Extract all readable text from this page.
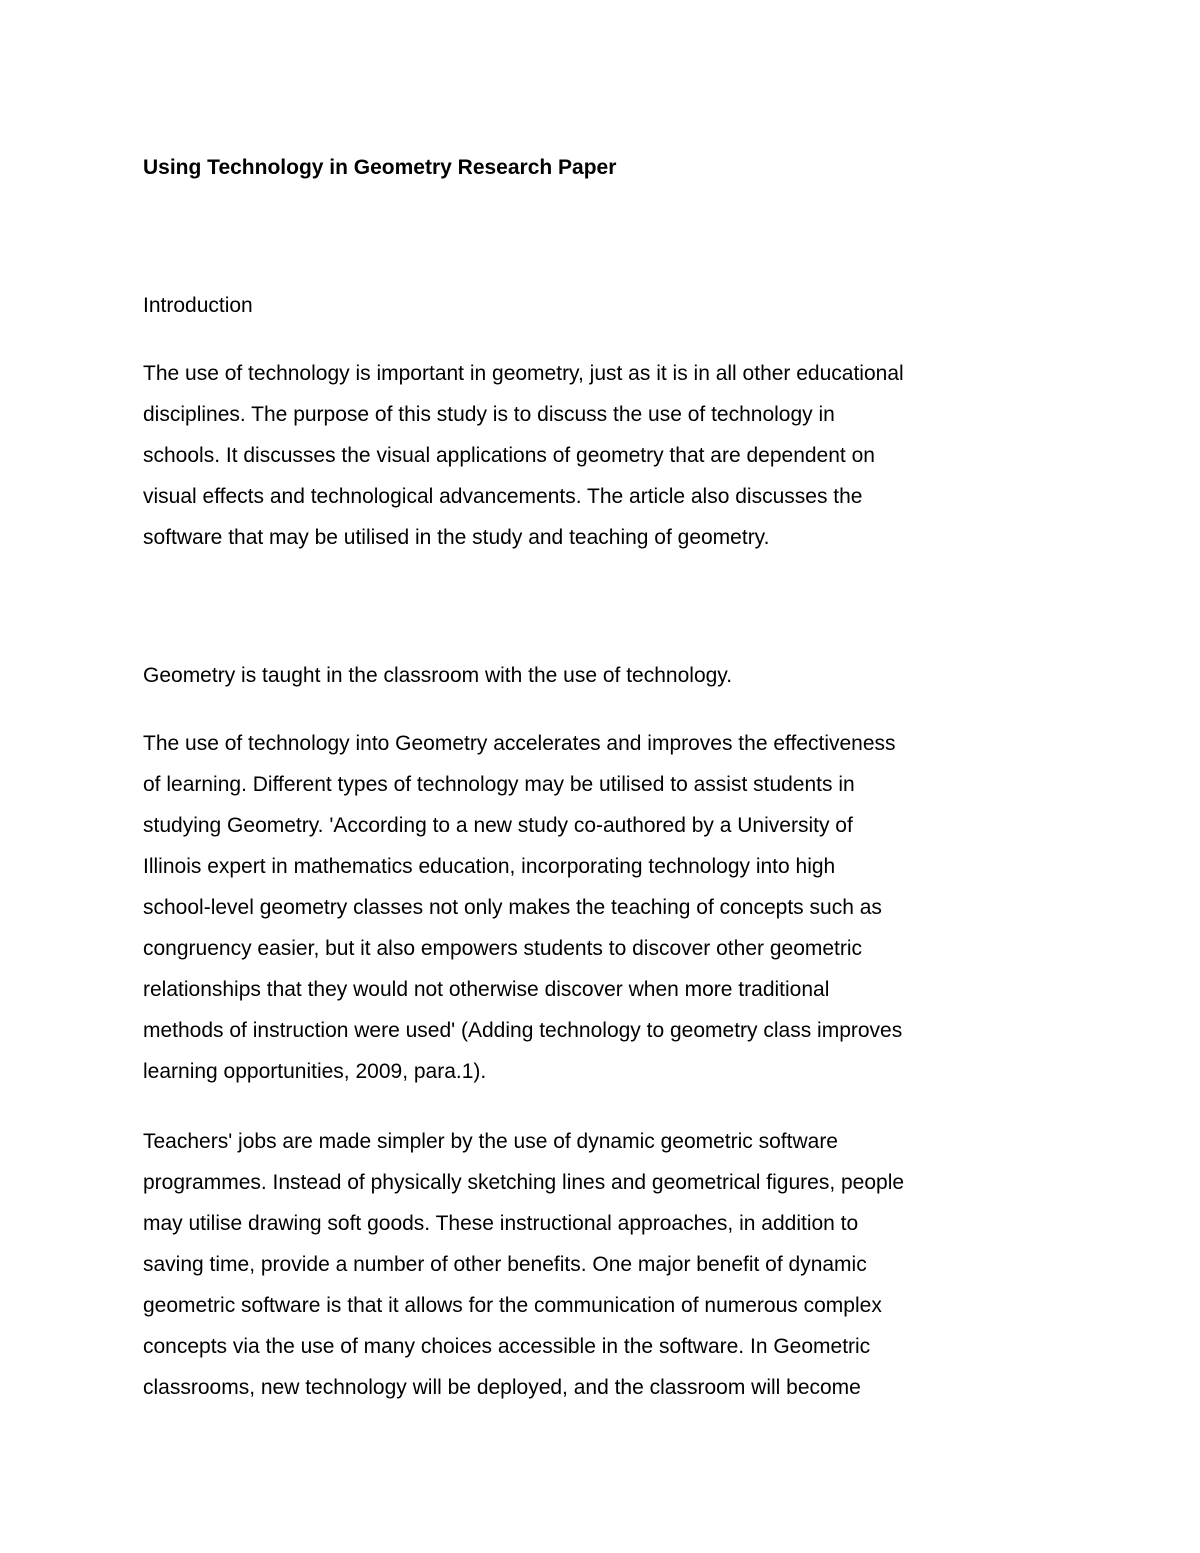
Using Technology in Geometry Research Paper
Introduction

The use of technology is important in geometry, just as it is in all other educational
disciplines. The purpose of this study is to discuss the use of technology in
schools. It discusses the visual applications of geometry that are dependent on
visual effects and technological advancements. The article also discusses the
software that may be utilised in the study and teaching of geometry.

Geometry is taught in the classroom with the use of technology.

The use of technology into Geometry accelerates and improves the effectiveness
of learning. Different types of technology may be utilised to assist students in
studying Geometry. 'According to a new study co-authored by a University of
Illinois expert in mathematics education, incorporating technology into high
school-level geometry classes not only makes the teaching of concepts such as
congruency easier, but it also empowers students to discover other geometric
relationships that they would not otherwise discover when more traditional
methods of instruction were used' (Adding technology to geometry class improves
learning opportunities, 2009, para.1).

Teachers' jobs are made simpler by the use of dynamic geometric software
programmes. Instead of physically sketching lines and geometrical figures, people
may utilise drawing soft goods. These instructional approaches, in addition to
saving time, provide a number of other benefits. One major benefit of dynamic
geometric software is that it allows for the communication of numerous complex
concepts via the use of many choices accessible in the software. In Geometric
classrooms, new technology will be deployed, and the classroom will become
